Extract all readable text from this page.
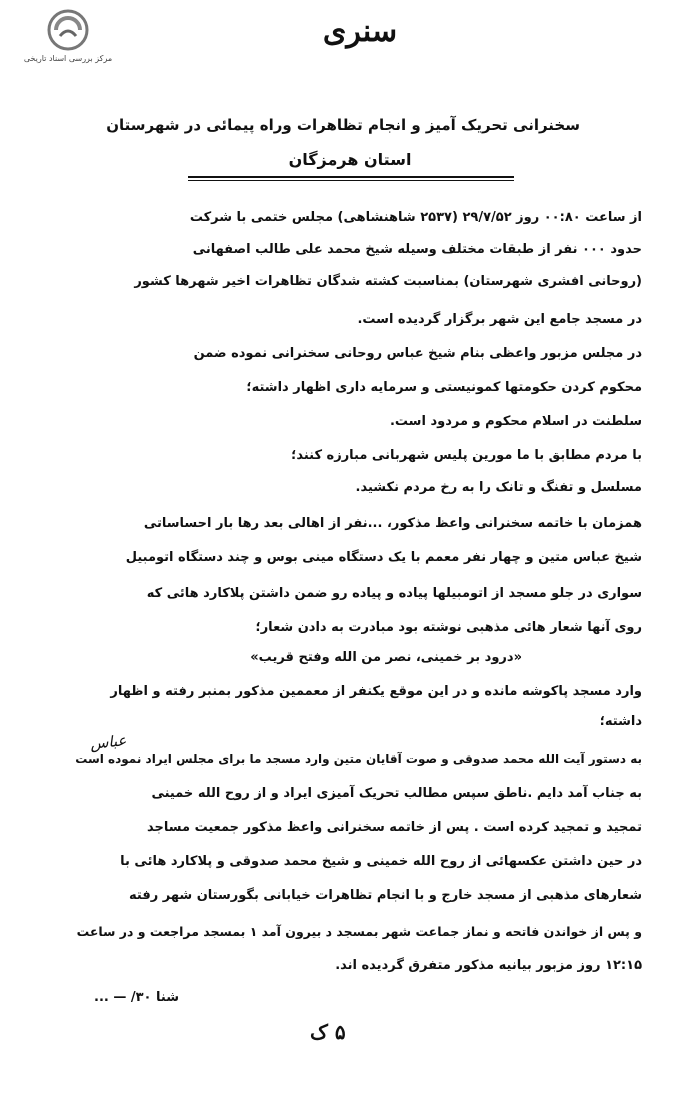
مرکز بررسی اسناد تاریخی
سنری
سخنرانی تحریک آمیز و انجام تظاهرات وراه پیمائی در شهرستان
استان هرمزگان
از ساعت ۰۰:۸۰ روز ۲۹/۷/۵۲ (۲۵۳۷ شاهنشاهی) مجلس ختمی با شرکت
حدود ۰۰۰ نفر از طبقات مختلف وسیله شیخ محمد علی طالب اصفهانی
(روحانی افشری شهرستان) بمناسبت کشته شدگان تظاهرات اخیر شهرها کشور
در مسجد جامع این شهر برگزار گردیده است.
در مجلس مزبور واعظی بنام شیخ عباس روحانی سخنرانی نموده ضمن
محکوم کردن حکومتها کمونیستی و سرمایه داری اظهار داشته؛
سلطنت در اسلام محکوم و مردود است.
با مردم مطابق با ما مورین پلیس شهربانی مبارزه کنند؛
مسلسل و تفنگ و تانک را به رخ مردم نکشید.
همزمان با خاتمه سخنرانی واعظ مذکور، ...نفر از اهالی بعد رها بار احساساتی
شیخ عباس متین و چهار نفر معمم با یک دستگاه مینی بوس و چند دستگاه اتومبیل
سواری در جلو مسجد از اتومبیلها پیاده و پیاده رو ضمن داشتن پلاکارد هائی که
روی آنها شعار هائی مذهبی نوشته بود مبادرت به دادن شعار؛
«درود بر خمینی، نصر من الله وفتح قریب»
وارد مسجد پاکوشه مانده و در این موقع یکنفر از معممین مذکور بمنبر رفته و اظهار
داشته؛
به دستور آیت الله محمد صدوقی و صوت آقایان متین وارد مسجد ما برای مجلس ایراد نموده است
به جناب آمد دایم .ناطق سپس مطالب تحریک آمیزی ایراد و از روح الله خمینی
تمجید و تمجید کرده است . پس از خاتمه سخنرانی واعظ مذکور جمعیت مساجد
در حین داشتن عکسهائی از روح الله خمینی و شیخ محمد صدوقی و پلاکارد هائی با
شعارهای مذهبی از مسجد خارج و با انجام تظاهرات خیابانی بگورستان شهر رفته
و پس از خواندن فاتحه و نماز جماعت شهر بمسجد د بیرون آمد ۱ بمسجد مراجعت و در ساعت
۱۲:۱۵ روز مزبور بیانیه مذکور متفرق گردیده اند.
عباس
شنا ۳۰/ — ...
۵ ک
